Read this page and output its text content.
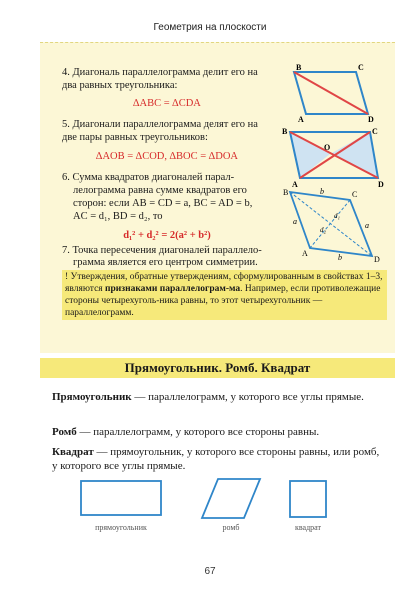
Геометрия на плоскости
4. Диагональ параллелограмма делит его на два равных треугольника:
∆ABC = ∆CDA
5. Диагонали параллелограмма делят его на две пары равных треугольников:
∆AOB = ∆COD, ∆BOC = ∆DOA
6. Сумма квадратов диагоналей парал-
лелограмма равна сумме квадратов его
сторон: если AB = CD = a, BC = AD = b,
AC = d₁, BD = d₂, то
d₁² + d₂² = 2(a² + b²)
7. Точка пересечения диагоналей параллело-
грамма является его центром симметрии.
! Утверждения, обратные утверждениям, сформулированным в свойствах 1–3, являются признаками параллелограм-ма. Например, если противолежащие стороны четырехуголь-ника равны, то этот четырехугольник — параллелограмм.
B	C
A	D
B	C
O
A	D
B	C
A
D
b
b
a	a
d₁
d₂
Прямоугольник. Ромб. Квадрат
Прямоугольник — параллелограмм, у которого все углы прямые.
Ромб — параллелограмм, у которого все стороны равны.
Квадрат — прямоугольник, у которого все стороны равны, или ромб, у которого все углы прямые.
прямоугольник	ромб	квадрат
67
